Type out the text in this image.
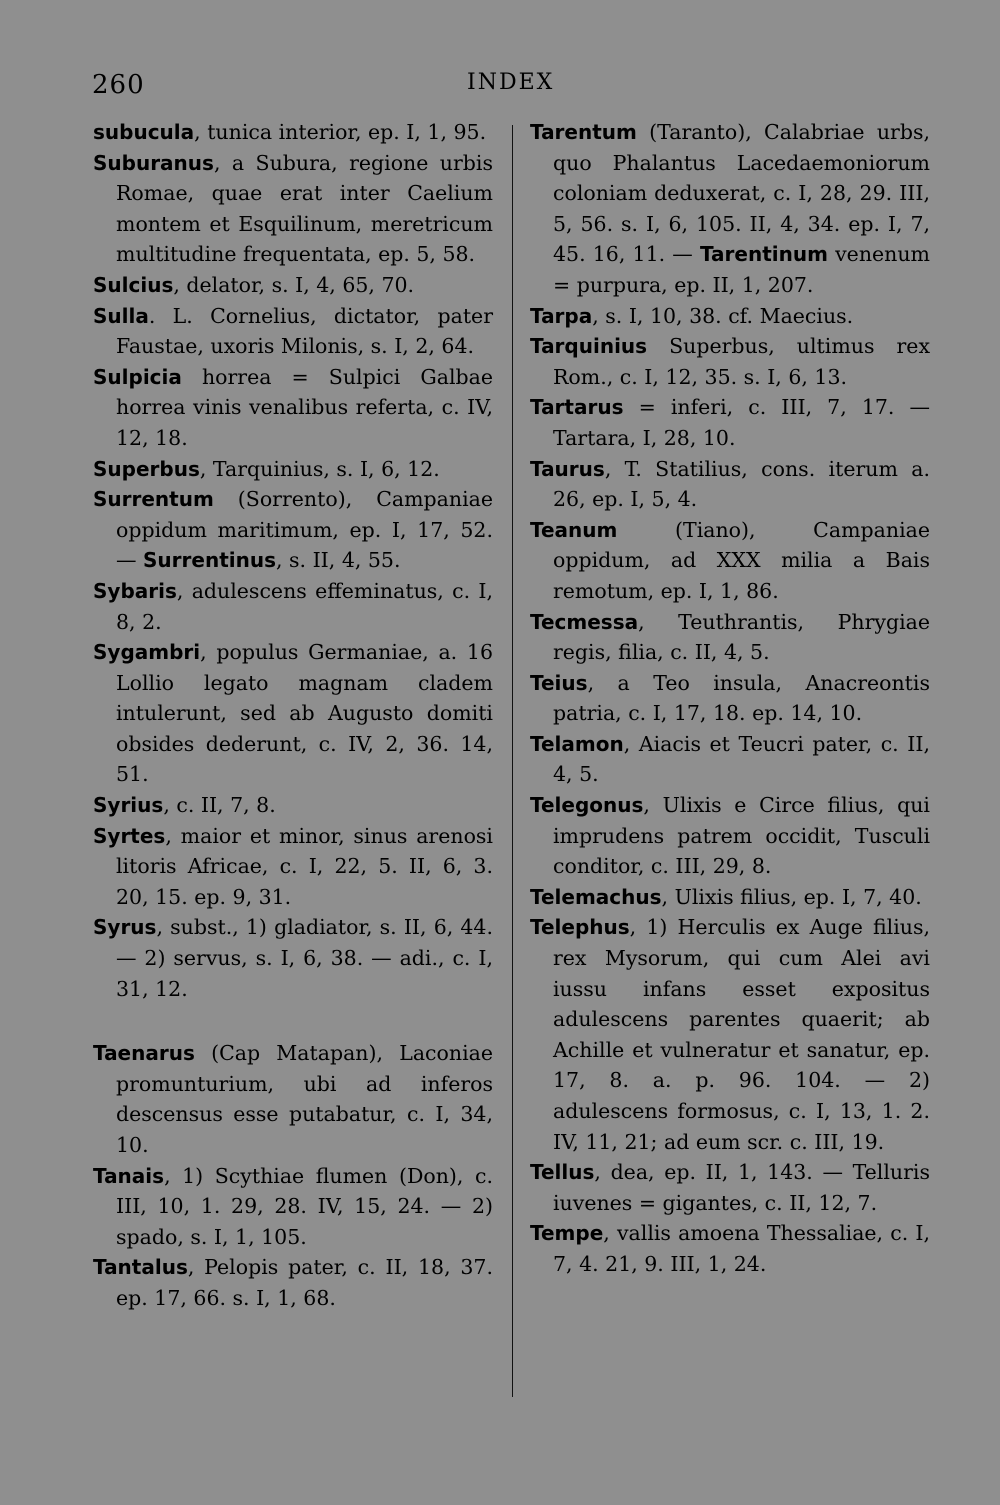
260	INDEX
subucula, tunica interior, ep. I, 1, 95.
Suburanus, a Subura, regione urbis Romae, quae erat inter Caelium montem et Esquilinum, meretricum multitudine frequentata, ep. 5, 58.
Sulcius, delator, s. I, 4, 65, 70.
Sulla. L. Cornelius, dictator, pater Faustae, uxoris Milonis, s. I, 2, 64.
Sulpicia horrea = Sulpici Galbae horrea vinis venalibus referta, c. IV, 12, 18.
Superbus, Tarquinius, s. I, 6, 12.
Surrentum (Sorrento), Campaniae oppidum maritimum, ep. I, 17, 52. — Surrentinus, s. II, 4, 55.
Sybaris, adulescens effeminatus, c. I, 8, 2.
Sygambri, populus Germaniae, a. 16 Lollio legato magnam cladem intulerunt, sed ab Augusto domiti obsides dederunt, c. IV, 2, 36. 14, 51.
Syrius, c. II, 7, 8.
Syrtes, maior et minor, sinus arenosi litoris Africae, c. I, 22, 5. II, 6, 3. 20, 15. ep. 9, 31.
Syrus, subst., 1) gladiator, s. II, 6, 44. — 2) servus, s. I, 6, 38. — adi., c. I, 31, 12.
Taenarus (Cap Matapan), Laconiae promunturium, ubi ad inferos descensus esse putabatur, c. I, 34, 10.
Tanais, 1) Scythiae flumen (Don), c. III, 10, 1. 29, 28. IV, 15, 24. — 2) spado, s. I, 1, 105.
Tantalus, Pelopis pater, c. II, 18, 37. ep. 17, 66. s. I, 1, 68.
Tarentum (Taranto), Calabriae urbs, quo Phalantus Lacedaemoniorum coloniam deduxerat, c. I, 28, 29. III, 5, 56. s. I, 6, 105. II, 4, 34. ep. I, 7, 45. 16, 11. — Tarentinum venenum = purpura, ep. II, 1, 207.
Tarpa, s. I, 10, 38. cf. Maecius.
Tarquinius Superbus, ultimus rex Rom., c. I, 12, 35. s. I, 6, 13.
Tartarus = inferi, c. III, 7, 17. — Tartara, I, 28, 10.
Taurus, T. Statilius, cons. iterum a. 26, ep. I, 5, 4.
Teanum (Tiano), Campaniae oppidum, ad XXX milia a Bais remotum, ep. I, 1, 86.
Tecmessa, Teuthrantis, Phrygiae regis, filia, c. II, 4, 5.
Teius, a Teo insula, Anacreontis patria, c. I, 17, 18. ep. 14, 10.
Telamon, Aiacis et Teucri pater, c. II, 4, 5.
Telegonus, Ulixis e Circe filius, qui imprudens patrem occidit, Tusculi conditor, c. III, 29, 8.
Telemachus, Ulixis filius, ep. I, 7, 40.
Telephus, 1) Herculis ex Auge filius, rex Mysorum, qui cum Alei avi iussu infans esset expositus adulescens parentes quaerit; ab Achille et vulneratur et sanatur, ep. 17, 8. a. p. 96. 104. — 2) adulescens formosus, c. I, 13, 1. 2. IV, 11, 21; ad eum scr. c. III, 19.
Tellus, dea, ep. II, 1, 143. — Telluris iuvenes = gigantes, c. II, 12, 7.
Tempe, vallis amoena Thessaliae, c. I, 7, 4. 21, 9. III, 1, 24.
